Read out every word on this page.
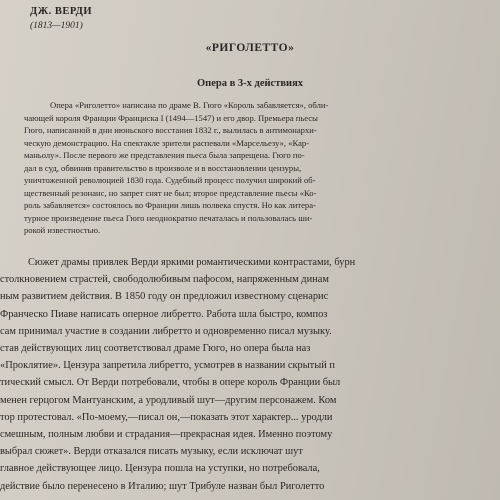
ДЖ. ВЕРДИ
(1813—1901)
«РИГОЛЕТТО»
Опера в 3-х действиях
Опера «Риголетто» написана по драме В. Гюго «Король забавляется», обли-
чающей короля Франции Франциска I (1494—1547) и его двор. Премьера пьесы
Гюго, написанной в дни июньского восстания 1832 г., вылилась в антимонархи-
ческую демонстрацию. На спектакле зрители распевали «Марсельезу», «Кар-
маньолу». После первого же представления пьеса была запрещена. Гюго по-
дал в суд, обвинив правительство в произволе и в восстановлении цензуры,
уничтоженной революцией 1830 года. Судебный процесс получил широкий об-
щественный резонанс, но запрет снят не был; второе представление пьесы «Ко-
роль забавляется» состоялось во Франции лишь полвека спустя. Но как литера-
турное произведение пьеса Гюго неоднократно печаталась и пользовалась ши-
рокой известностью.
Сюжет драмы привлек Верди яркими романтическими контрастами, бурн
столкновением страстей, свободолюбивым пафосом, напряженным динам
ным развитием действия. В 1850 году он предложил известному сценарис
Франческо Пиаве написать оперное либретто. Работа шла быстро, композ
сам принимал участие в создании либретто и одновременно писал музыку.
став действующих лиц соответствовал драме Гюго, но опера была наз
«Проклятие». Цензура запретила либретто, усмотрев в названии скрытый п
тический смысл. От Верди потребовали, чтобы в опере король Франции был
менен герцогом Мантуанским, а уродливый шут—другим персонажем. Ком
тор протестовал. «По-моему,—писал он,—показать этот характер... уродли
смешным, полным любви и страдания—прекрасная идея. Именно поэтому
выбрал сюжет». Верди отказался писать музыку, если исключат шут
главное действующее лицо. Цензура пошла на уступки, но потребовала,
действие было перенесено в Италию; шут Трибуле назван был Риголетто
